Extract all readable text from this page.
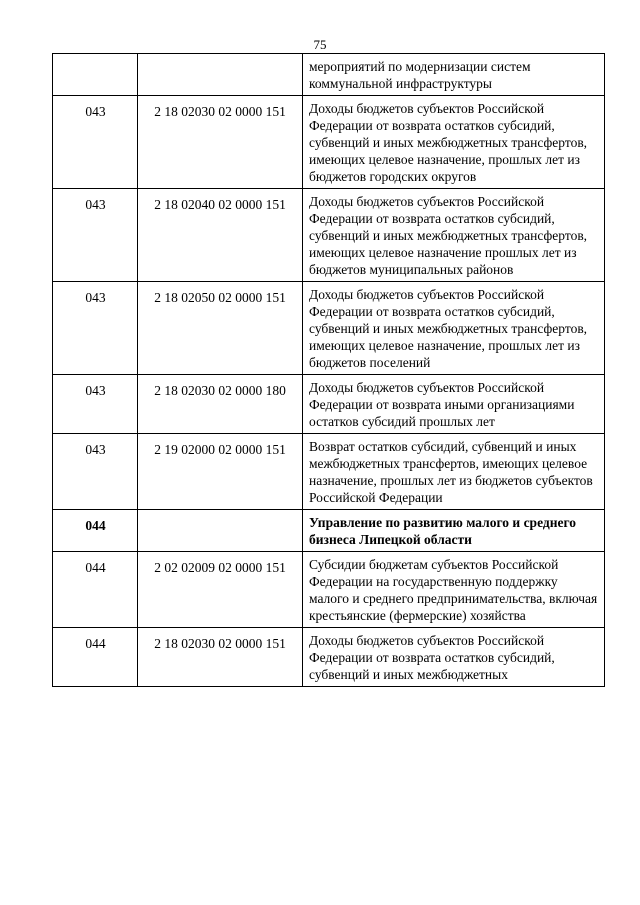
75
		мероприятий по модернизации систем коммунальной инфраструктуры
043	2 18 02030 02 0000 151	Доходы бюджетов субъектов Российской Федерации от возврата остатков субсидий, субвенций и иных межбюджетных трансфертов, имеющих целевое назначение, прошлых лет из бюджетов городских округов
043	2 18 02040 02 0000 151	Доходы бюджетов субъектов Российской Федерации от возврата остатков субсидий, субвенций и иных межбюджетных трансфертов, имеющих целевое назначение прошлых лет из бюджетов муниципальных районов
043	2 18 02050 02 0000 151	Доходы бюджетов субъектов Российской Федерации от возврата остатков субсидий, субвенций и иных межбюджетных трансфертов, имеющих целевое назначение, прошлых лет из бюджетов поселений
043	2 18 02030 02 0000 180	Доходы бюджетов субъектов Российской Федерации от возврата иными организациями остатков субсидий прошлых лет
043	2 19 02000 02 0000 151	Возврат остатков субсидий, субвенций и иных межбюджетных трансфертов, имеющих целевое назначение, прошлых лет из бюджетов субъектов Российской Федерации
044		Управление по развитию малого и среднего бизнеса Липецкой области
044	2 02 02009 02 0000 151	Субсидии бюджетам субъектов Российской Федерации на государственную поддержку малого и среднего предпринимательства, включая крестьянские (фермерские) хозяйства
044	2 18 02030 02 0000 151	Доходы бюджетов субъектов Российской Федерации от возврата остатков субсидий, субвенций и иных межбюджетных
